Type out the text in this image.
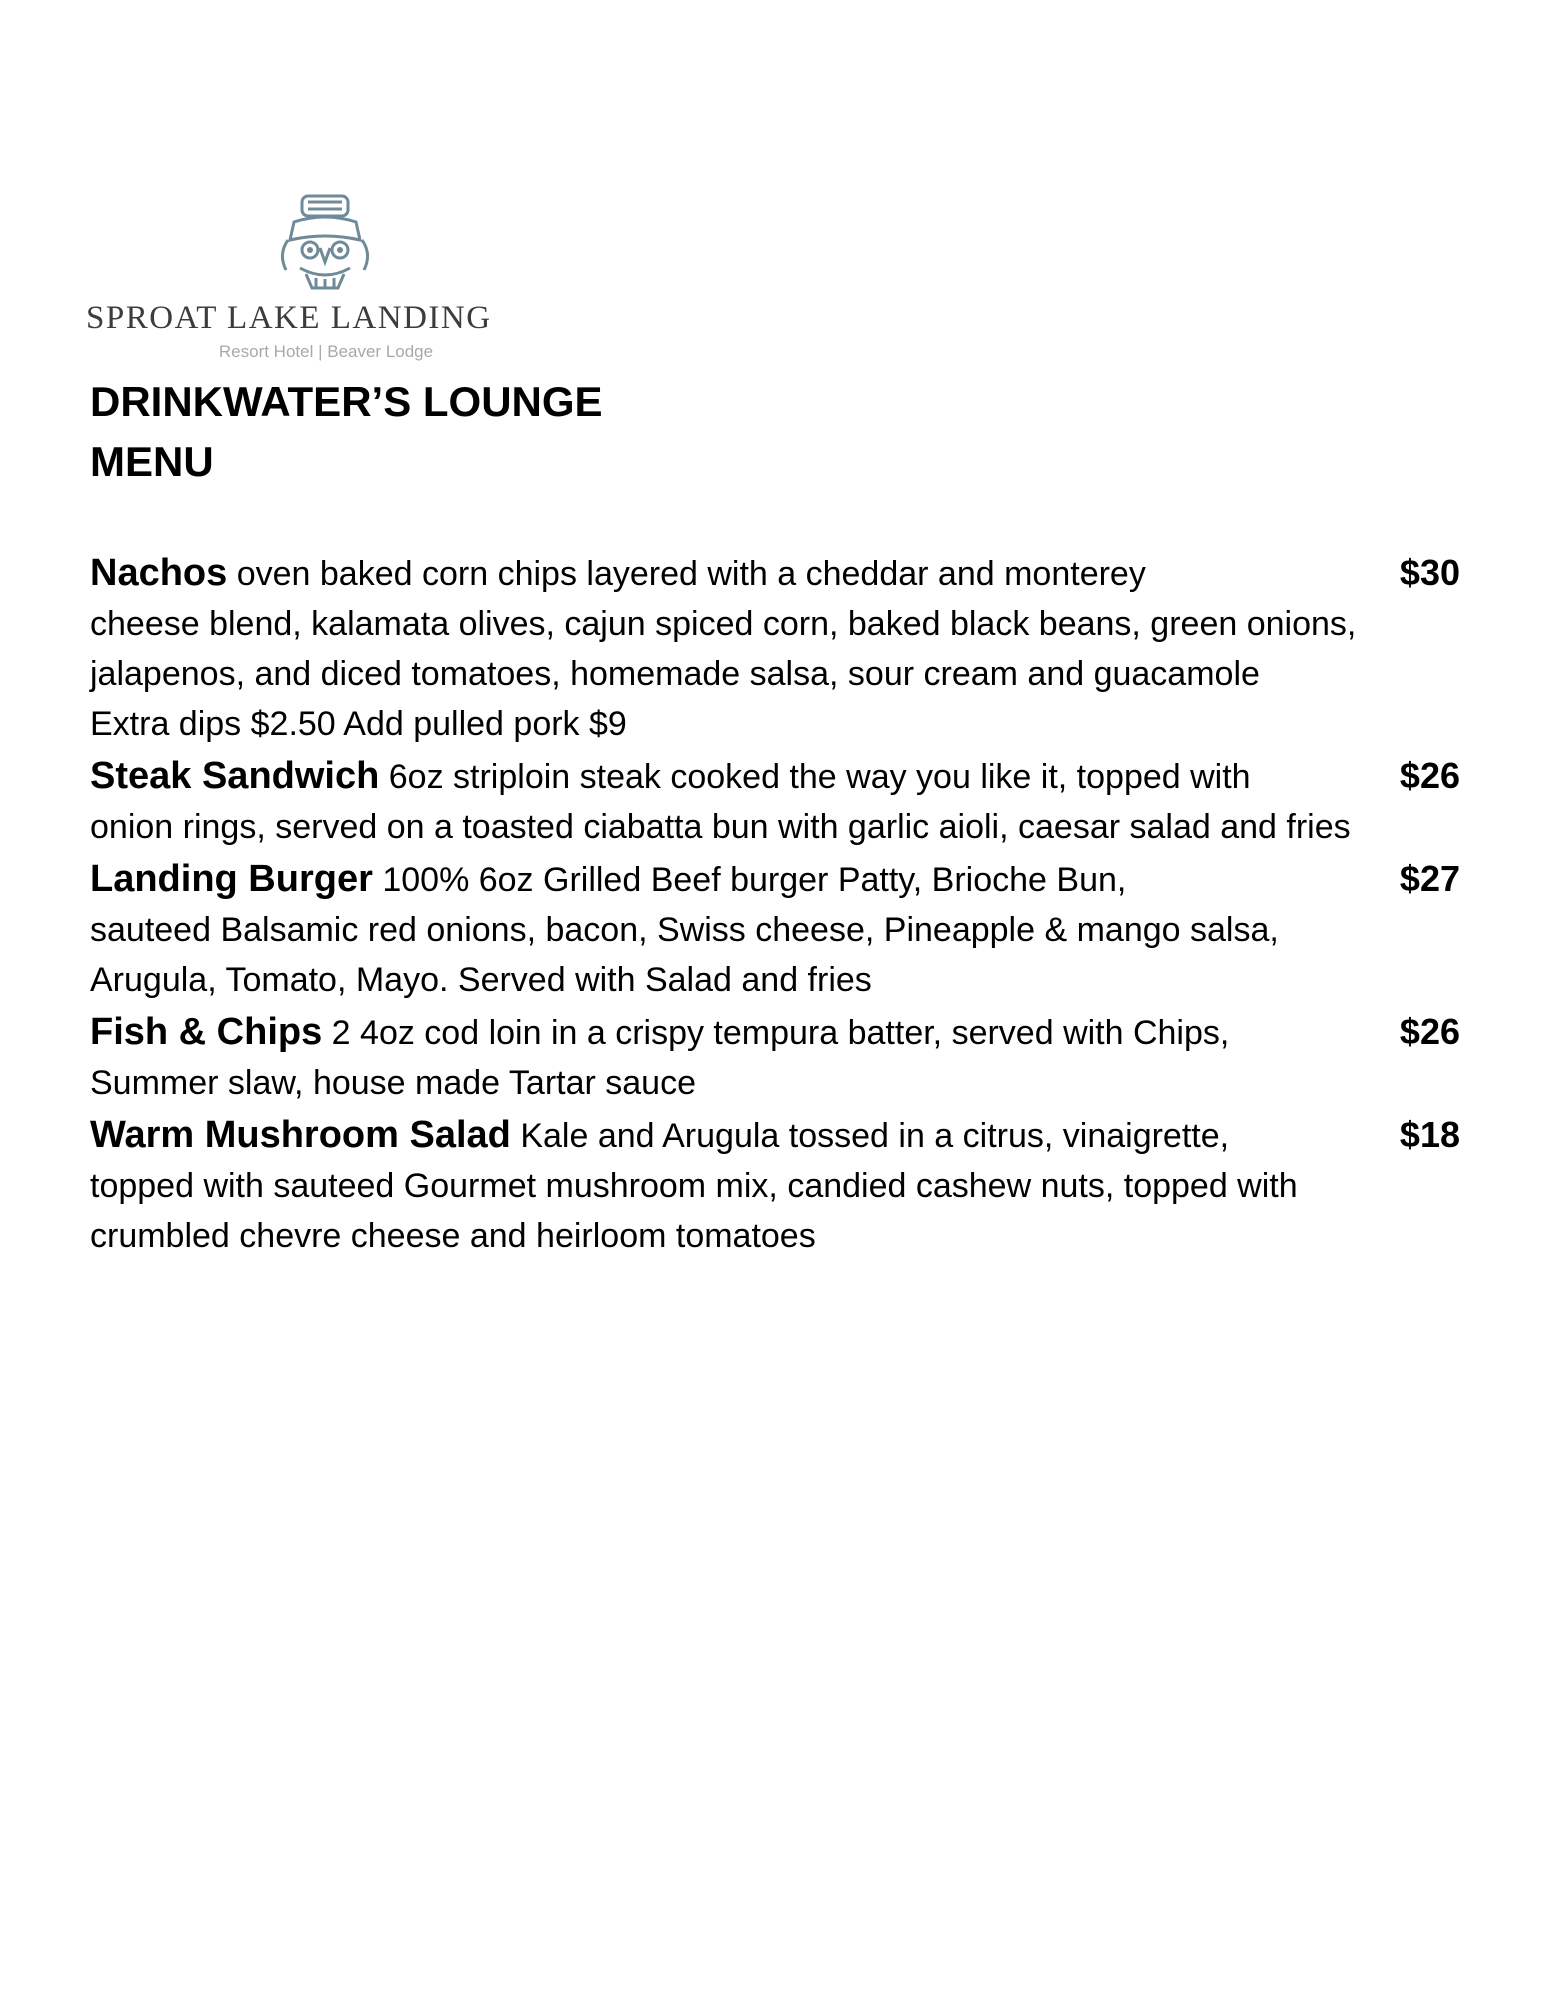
SPROAT LAKE LANDING
Resort Hotel | Beaver Lodge
DRINKWATER’S LOUNGE
MENU
$30
Nachos oven baked corn chips layered with a cheddar and monterey
cheese blend, kalamata olives, cajun spiced corn, baked black beans, green onions, jalapenos, and diced tomatoes, homemade salsa, sour cream and guacamole
Extra dips $2.50 Add pulled pork $9
$26
Steak Sandwich 6oz striploin steak cooked the way you like it, topped with
onion rings, served on a toasted ciabatta bun with garlic aioli, caesar salad and fries
$27
Landing Burger 100% 6oz Grilled Beef burger Patty, Brioche Bun,
sauteed Balsamic red onions, bacon, Swiss cheese, Pineapple & mango salsa, Arugula, Tomato, Mayo. Served with Salad and fries
$26
Fish & Chips 2 4oz cod loin in a crispy tempura batter, served with Chips,
Summer slaw, house made Tartar sauce
$18
Warm Mushroom Salad Kale and Arugula tossed in a citrus, vinaigrette,
topped with sauteed Gourmet mushroom mix, candied cashew nuts, topped with crumbled chevre cheese and heirloom tomatoes
